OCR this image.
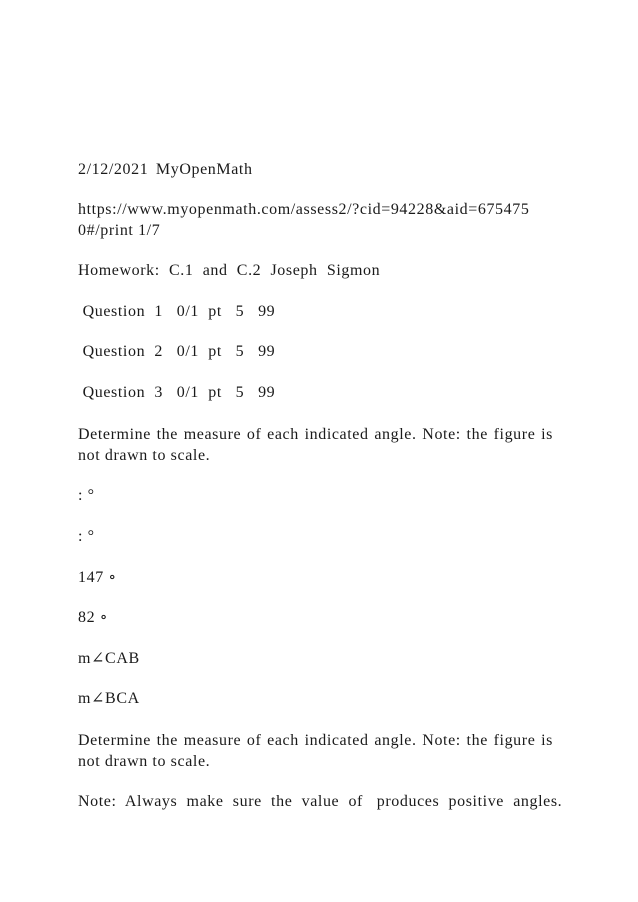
2/12/2021 MyOpenMath
https://www.myopenmath.com/assess2/?cid=94228&aid=675475
0#/print 1/7
Homework:  C.1  and  C.2  Joseph  Sigmon
Question  1   0/1  pt   5   99
Question  2   0/1  pt   5   99
Question  3   0/1  pt   5   99
Determine the measure of each indicated angle. Note: the figure is not drawn to scale.
: °
: °
147 ∘
82 ∘
m∠CAB
m∠BCA
Determine the measure of each indicated angle. Note: the figure is not drawn to scale.
Note:  Always  make  sure  the  value  of   produces  positive  angles.
